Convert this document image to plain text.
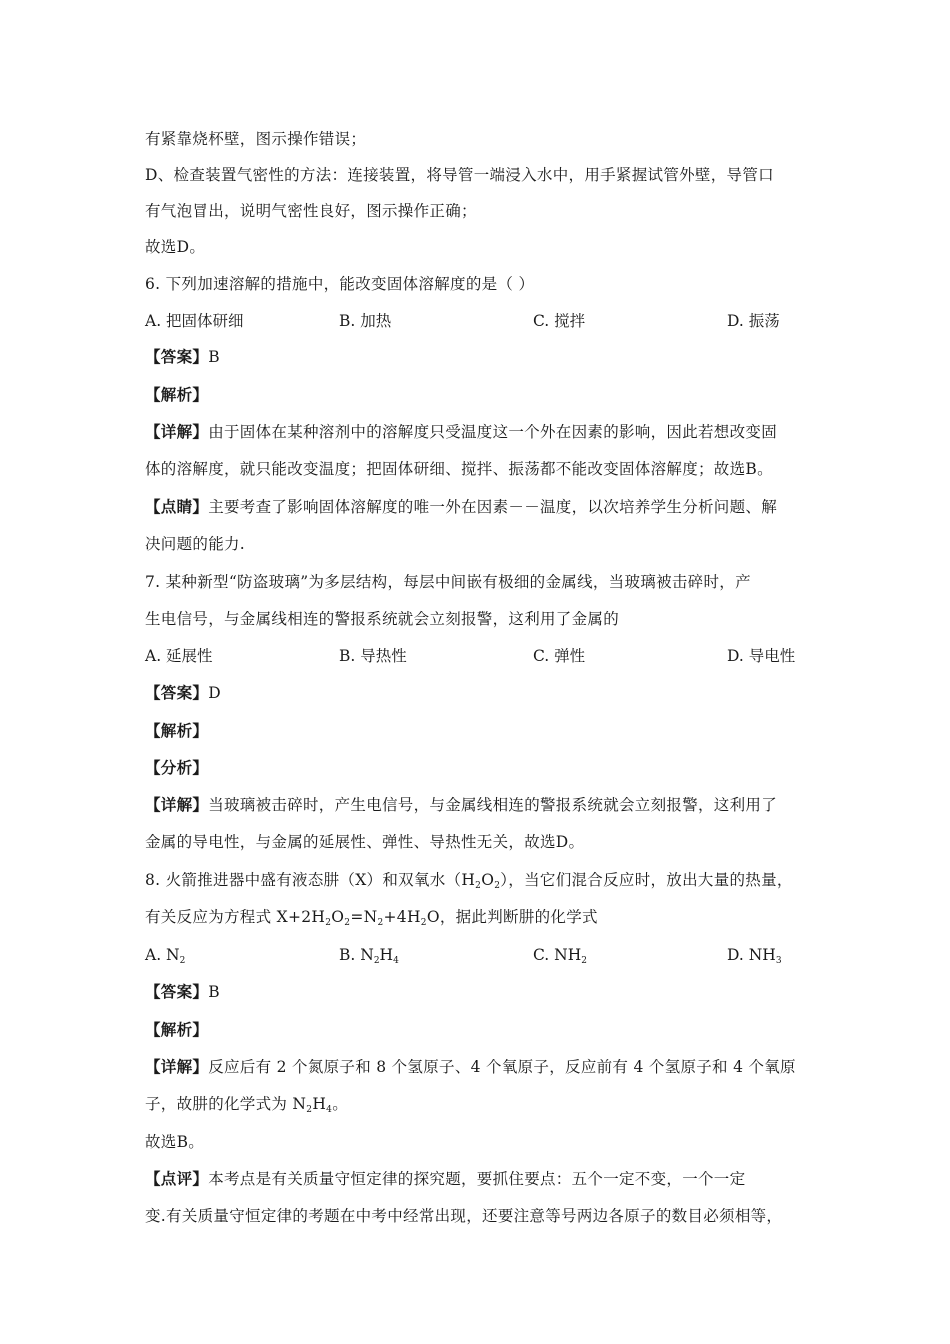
有紧靠烧杯壁，图示操作错误；
D、检查装置气密性的方法：连接装置，将导管一端浸入水中，用手紧握试管外壁，导管口
有气泡冒出，说明气密性良好，图示操作正确；
故选D。
6. 下列加速溶解的措施中，能改变固体溶解度的是（ ）
A. 把固体研细	B. 加热	C. 搅拌	D. 振荡
【答案】B
【解析】
【详解】由于固体在某种溶剂中的溶解度只受温度这一个外在因素的影响，因此若想改变固
体的溶解度，就只能改变温度；把固体研细、搅拌、振荡都不能改变固体溶解度；故选B。
【点睛】主要考查了影响固体溶解度的唯一外在因素－－温度，以次培养学生分析问题、解
决问题的能力.
7. 某种新型“防盗玻璃”为多层结构，每层中间嵌有极细的金属线，当玻璃被击碎时，产
生电信号，与金属线相连的警报系统就会立刻报警，这利用了金属的
A. 延展性	B. 导热性	C. 弹性	D. 导电性
【答案】D
【解析】
【分析】
【详解】当玻璃被击碎时，产生电信号，与金属线相连的警报系统就会立刻报警，这利用了
金属的导电性，与金属的延展性、弹性、导热性无关，故选D。
8. 火箭推进器中盛有液态肼（X）和双氧水$(H_2O_2)$，当它们混合反应时，放出大量的热量，
有关反应为方程式 $X+2H_2O_2=N_2+4H_2O$，据此判断肼的化学式
A. $N_2$	B. $N_2H_4$	C. $NH_2$	D. $NH_3$
【答案】B
【解析】
【详解】反应后有 2 个氮原子和 8 个氢原子、4 个氧原子，反应前有 4 个氢原子和 4 个氧原
子，故肼的化学式为 $N_2H_4$。
故选B。
【点评】本考点是有关质量守恒定律的探究题，要抓住要点：五个一定不变，一个一定
变.有关质量守恒定律的考题在中考中经常出现，还要注意等号两边各原子的数目必须相等，
